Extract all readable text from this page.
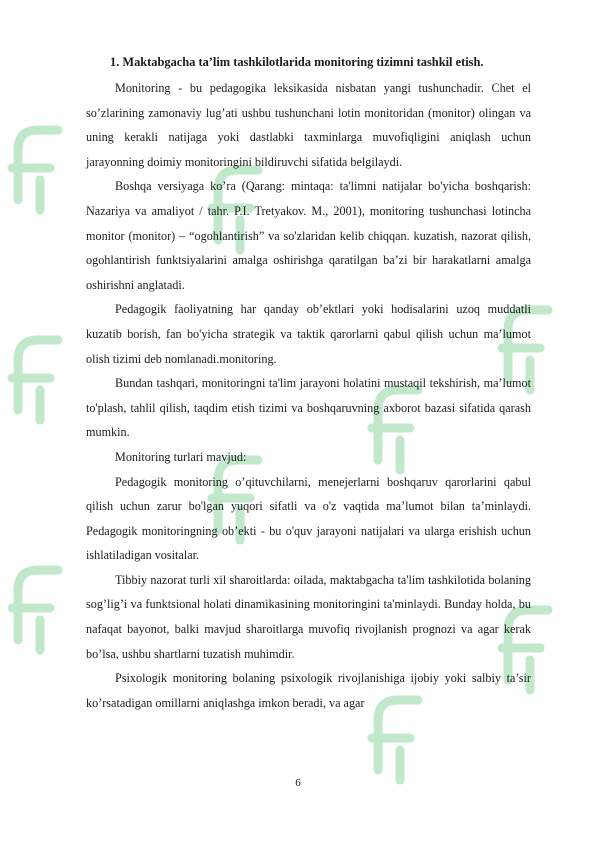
1. Maktabgacha ta’lim tashkilotlarida monitoring tizimni tashkil etish.

Monitoring - bu pedagogika leksikasida nisbatan yangi tushunchadir. Chet el so’zlarining zamonaviy lug’ati ushbu tushunchani lotin monitoridan (monitor) olingan va uning kerakli natijaga yoki dastlabki taxminlarga muvofiqligini aniqlash uchun jarayonning doimiy monitoringini bildiruvchi sifatida belgilaydi.

Boshqa versiyaga ko’ra (Qarang: mintaqa: ta'limni natijalar bo'yicha boshqarish: Nazariya va amaliyot / tahr. P.I. Tretyakov. M., 2001), monitoring tushunchasi lotincha monitor (monitor) – “ogohlantirish” va so'zlaridan kelib chiqqan. kuzatish, nazorat qilish, ogohlantirish funktsiyalarini amalga oshirishga qaratilgan ba’zi bir harakatlarni amalga oshirishni anglatadi.

Pedagogik faoliyatning har qanday ob’ektlari yoki hodisalarini uzoq muddatli kuzatib borish, fan bo'yicha strategik va taktik qarorlarni qabul qilish uchun ma’lumot olish tizimi deb nomlanadi.monitoring.

Bundan tashqari, monitoringni ta'lim jarayoni holatini mustaqil tekshirish, ma’lumot to'plash, tahlil qilish, taqdim etish tizimi va boshqaruvning axborot bazasi sifatida qarash mumkin.

Monitoring turlari mavjud:

Pedagogik monitoring o’qituvchilarni, menejerlarni boshqaruv qarorlarini qabul qilish uchun zarur bo'lgan yuqori sifatli va o'z vaqtida ma’lumot bilan ta’minlaydi. Pedagogik monitoringning ob’ekti - bu o'quv jarayoni natijalari va ularga erishish uchun ishlatiladigan vositalar.

Tibbiy nazorat turli xil sharoitlarda: oilada, maktabgacha ta'lim tashkilotida bolaning sog’lig’i va funktsional holati dinamikasining monitoringini ta'minlaydi. Bunday holda, bu nafaqat bayonot, balki mavjud sharoitlarga muvofiq rivojlanish prognozi va agar kerak bo’lsa, ushbu shartlarni tuzatish muhimdir.

Psixologik monitoring bolaning psixologik rivojlanishiga ijobiy yoki salbiy ta’sir ko’rsatadigan omillarni aniqlashga imkon beradi, va agar

6
